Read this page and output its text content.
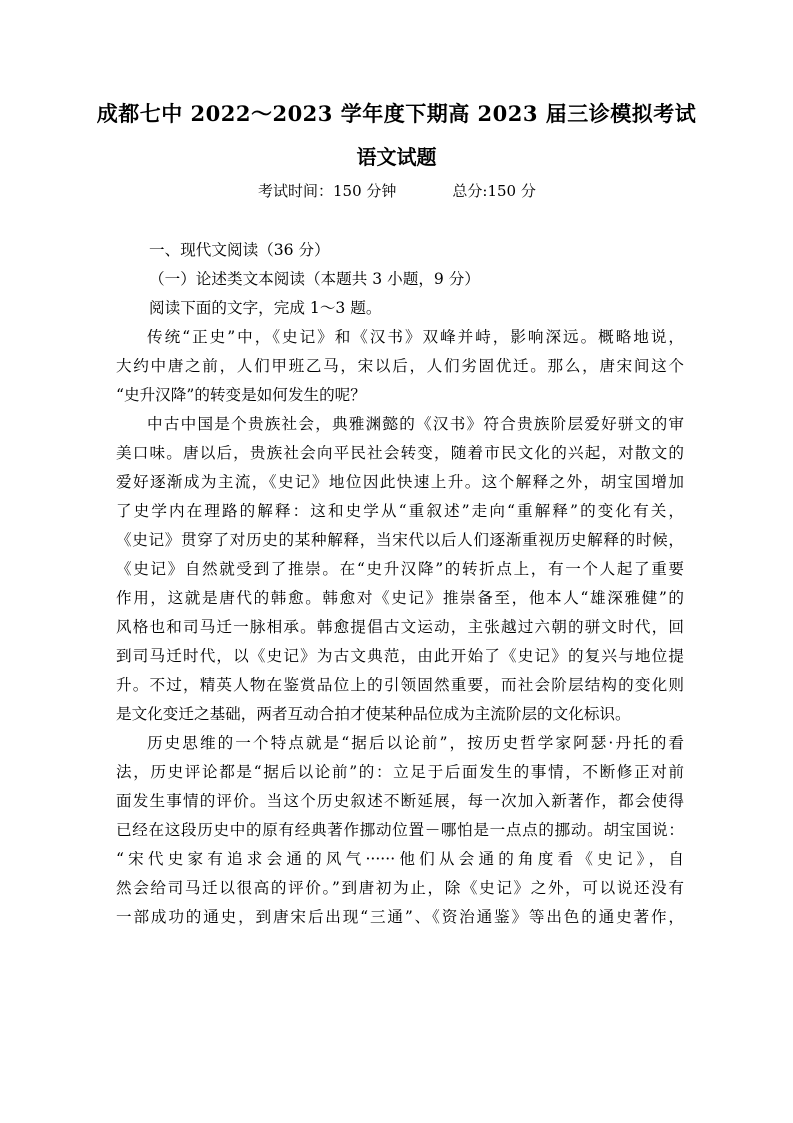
成都七中 2022～2023 学年度下期高 2023 届三诊模拟考试
语文试题
考试时间：150 分钟	总分:150 分
一、现代文阅读（36 分）
（一）论述类文本阅读（本题共 3 小题，9 分）
阅读下面的文字，完成 1～3 题。
传统“正史”中，《史记》和《汉书》双峰并峙，影响深远。概略地说，
大约中唐之前，人们甲班乙马，宋以后，人们劣固优迁。那么，唐宋间这个
“史升汉降”的转变是如何发生的呢？
中古中国是个贵族社会，典雅渊懿的《汉书》符合贵族阶层爱好骈文的审
美口味。唐以后，贵族社会向平民社会转变，随着市民文化的兴起，对散文的
爱好逐渐成为主流，《史记》地位因此快速上升。这个解释之外，胡宝国增加
了史学内在理路的解释：这和史学从“重叙述”走向“重解释”的变化有关，
《史记》贯穿了对历史的某种解释，当宋代以后人们逐渐重视历史解释的时候，
《史记》自然就受到了推崇。在“史升汉降”的转折点上，有一个人起了重要
作用，这就是唐代的韩愈。韩愈对《史记》推崇备至，他本人“雄深雅健”的
风格也和司马迁一脉相承。韩愈提倡古文运动，主张越过六朝的骈文时代，回
到司马迁时代，以《史记》为古文典范，由此开始了《史记》的复兴与地位提
升。不过，精英人物在鉴赏品位上的引领固然重要，而社会阶层结构的变化则
是文化变迁之基础，两者互动合拍才使某种品位成为主流阶层的文化标识。
历史思维的一个特点就是“据后以论前”，按历史哲学家阿瑟·丹托的看
法，历史评论都是“据后以论前”的：立足于后面发生的事情，不断修正对前
面发生事情的评价。当这个历史叙述不断延展，每一次加入新著作，都会使得
已经在这段历史中的原有经典著作挪动位置－哪怕是一点点的挪动。胡宝国说：
“宋代史家有追求会通的风气······他们从会通的角度看《史记》，自
然会给司马迁以很高的评价。”到唐初为止，除《史记》之外，可以说还没有
一部成功的通史，到唐宋后出现“三通”、《资治通鉴》等出色的通史著作，
